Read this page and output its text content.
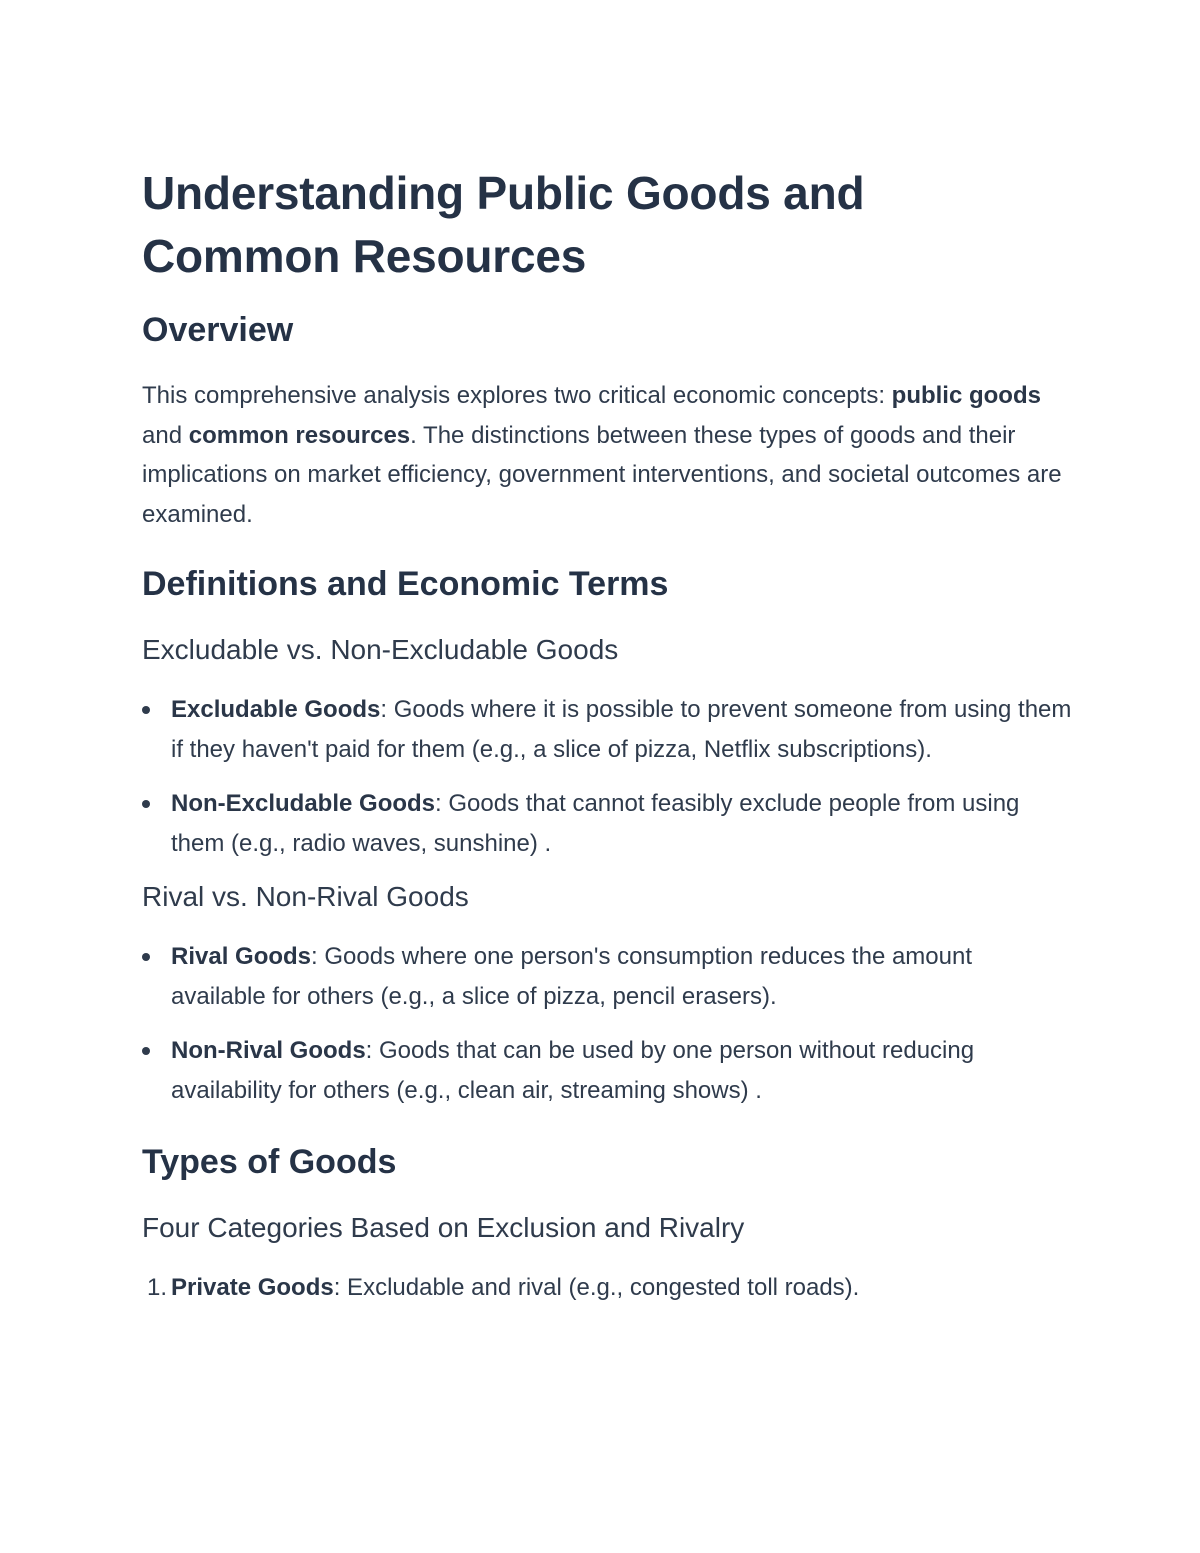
Understanding Public Goods and Common Resources
Overview

This comprehensive analysis explores two critical economic concepts: public goods and common resources. The distinctions between these types of goods and their implications on market efficiency, government interventions, and societal outcomes are examined.

Definitions and Economic Terms
Excludable vs. Non-Excludable Goods
Excludable Goods: Goods where it is possible to prevent someone from using them if they haven't paid for them (e.g., a slice of pizza, Netflix subscriptions).
Non-Excludable Goods: Goods that cannot feasibly exclude people from using them (e.g., radio waves, sunshine) .
Rival vs. Non-Rival Goods
Rival Goods: Goods where one person's consumption reduces the amount available for others (e.g., a slice of pizza, pencil erasers).
Non-Rival Goods: Goods that can be used by one person without reducing availability for others (e.g., clean air, streaming shows) .
Types of Goods
Four Categories Based on Exclusion and Rivalry
1. Private Goods: Excludable and rival (e.g., congested toll roads).
